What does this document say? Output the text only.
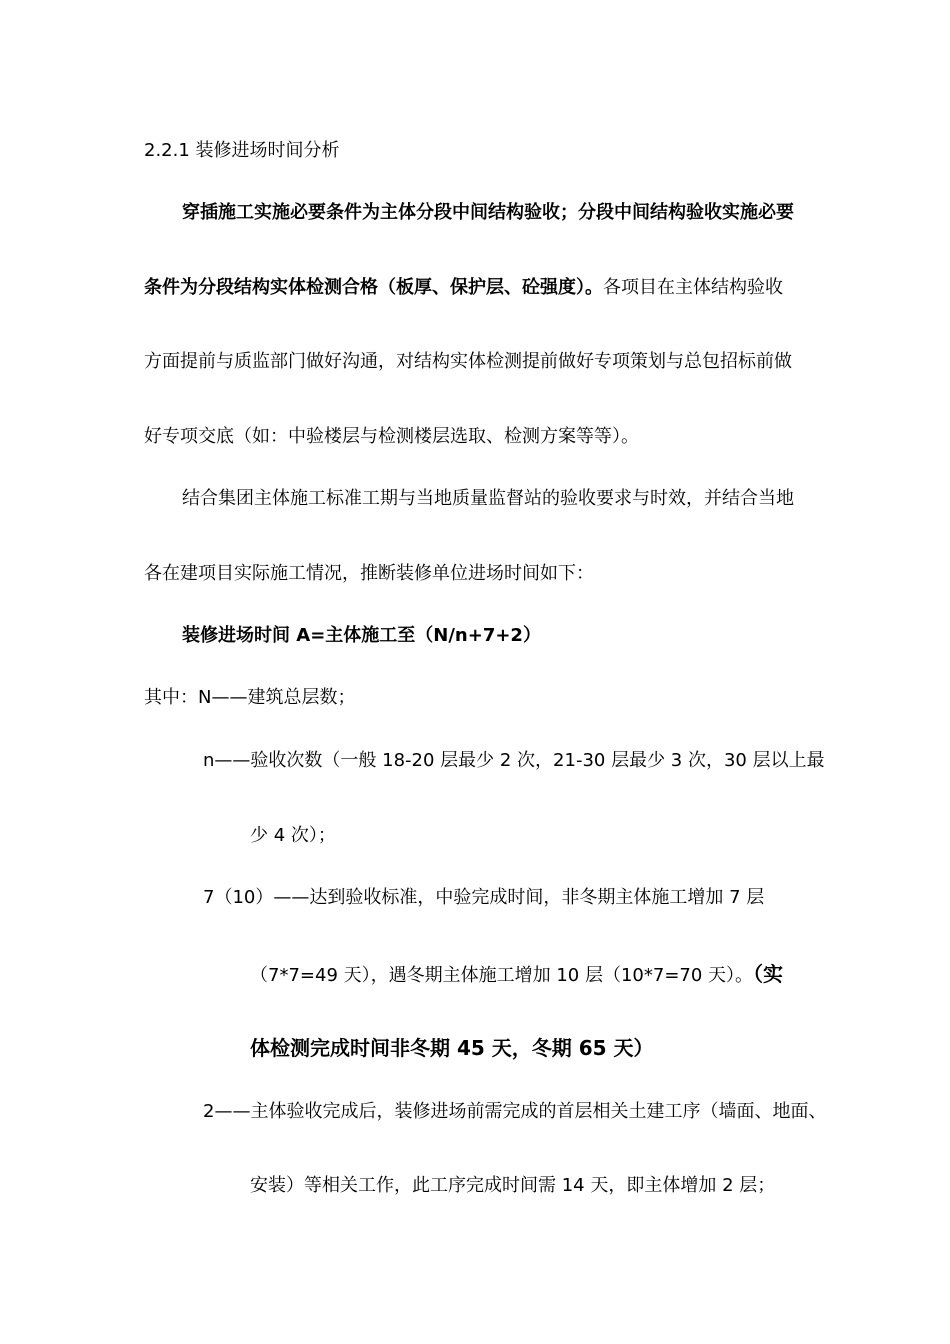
2.2.1 装修进场时间分析
穿插施工实施必要条件为主体分段中间结构验收；分段中间结构验收实施必要
条件为分段结构实体检测合格（板厚、保护层、砼强度）。各项目在主体结构验收
方面提前与质监部门做好沟通，对结构实体检测提前做好专项策划与总包招标前做
好专项交底（如：中验楼层与检测楼层选取、检测方案等等）。
结合集团主体施工标准工期与当地质量监督站的验收要求与时效，并结合当地
各在建项目实际施工情况，推断装修单位进场时间如下：
装修进场时间 A=主体施工至（N/n+7+2）
其中：N——建筑总层数；
n——验收次数（一般 18-20 层最少 2 次，21-30 层最少 3 次，30 层以上最
少 4 次）；
7（10）——达到验收标准，中验完成时间，非冬期主体施工增加 7 层
（7*7=49 天），遇冬期主体施工增加 10 层（10*7=70 天）。（实
体检测完成时间非冬期 45 天，冬期 65 天）
2——主体验收完成后，装修进场前需完成的首层相关土建工序（墙面、地面、
安装）等相关工作，此工序完成时间需 14 天，即主体增加 2 层；
